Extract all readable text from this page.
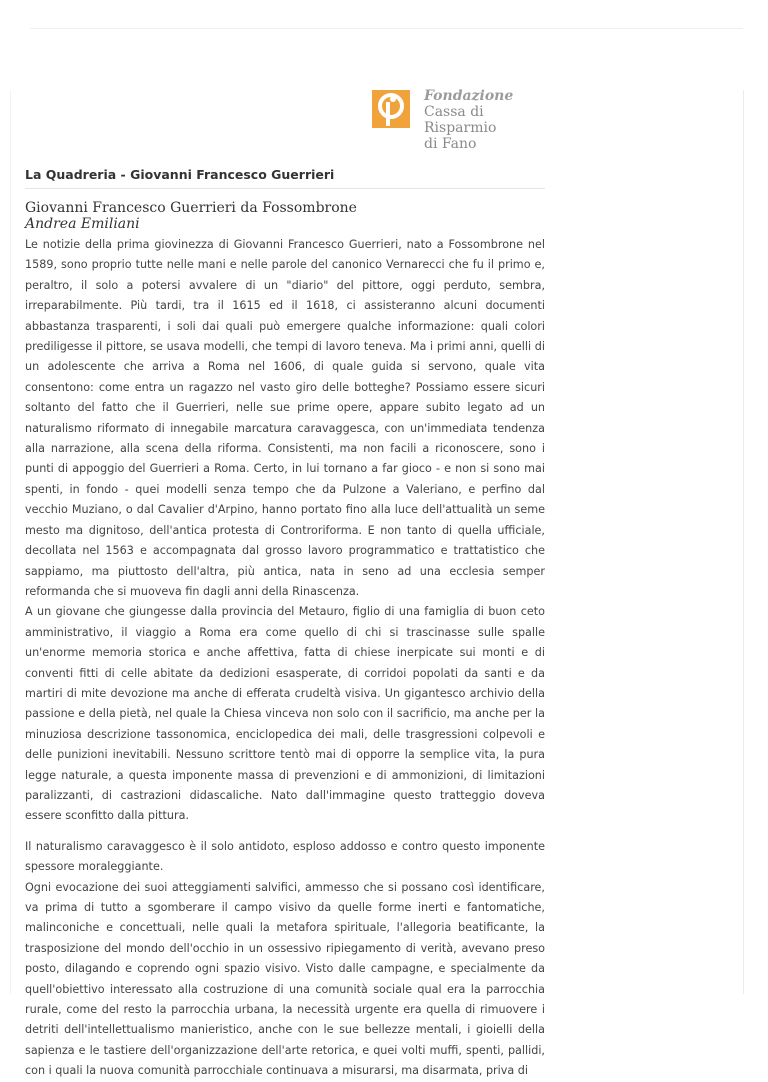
Fondazione
Cassa di Risparmio
di Fano
La Quadreria - Giovanni Francesco Guerrieri
Giovanni Francesco Guerrieri da Fossombrone
Andrea Emiliani

Le notizie della prima giovinezza di Giovanni Francesco Guerrieri, nato a Fossombrone nel 1589, sono proprio tutte nelle mani e nelle parole del canonico Vernarecci che fu il primo e, peraltro, il solo a potersi avvalere di un "diario" del pittore, oggi perduto, sembra, irreparabilmente. Più tardi, tra il 1615 ed il 1618, ci assisteranno alcuni documenti abbastanza trasparenti, i soli dai quali può emergere qualche informazione: quali colori prediligesse il pittore, se usava modelli, che tempi di lavoro teneva. Ma i primi anni, quelli di un adolescente che arriva a Roma nel 1606, di quale guida si servono, quale vita consentono: come entra un ragazzo nel vasto giro delle botteghe? Possiamo essere sicuri soltanto del fatto che il Guerrieri, nelle sue prime opere, appare subito legato ad un naturalismo riformato di innegabile marcatura caravaggesca, con un'immediata tendenza alla narrazione, alla scena della riforma. Consistenti, ma non facili a riconoscere, sono i punti di appoggio del Guerrieri a Roma. Certo, in lui tornano a far gioco - e non si sono mai spenti, in fondo - quei modelli senza tempo che da Pulzone a Valeriano, e perfino dal vecchio Muziano, o dal Cavalier d'Arpino, hanno portato fino alla luce dell'attualità un seme mesto ma dignitoso, dell'antica protesta di Controriforma. E non tanto di quella ufficiale, decollata nel 1563 e accompagnata dal grosso lavoro programmatico e trattatistico che sappiamo, ma piuttosto dell'altra, più antica, nata in seno ad una ecclesia semper reformanda che si muoveva fin dagli anni della Rinascenza.

A un giovane che giungesse dalla provincia del Metauro, figlio di una famiglia di buon ceto amministrativo, il viaggio a Roma era come quello di chi si trascinasse sulle spalle un'enorme memoria storica e anche affettiva, fatta di chiese inerpicate sui monti e di conventi fitti di celle abitate da dedizioni esasperate, di corridoi popolati da santi e da martiri di mite devozione ma anche di efferata crudeltà visiva. Un gigantesco archivio della passione e della pietà, nel quale la Chiesa vinceva non solo con il sacrificio, ma anche per la minuziosa descrizione tassonomica, enciclopedica dei mali, delle trasgressioni colpevoli e delle punizioni inevitabili. Nessuno scrittore tentò mai di opporre la semplice vita, la pura legge naturale, a questa imponente massa di prevenzioni e di ammonizioni, di limitazioni paralizzanti, di castrazioni didascaliche. Nato dall'immagine questo tratteggio doveva essere sconfitto dalla pittura.

Il naturalismo caravaggesco è il solo antidoto, esploso addosso e contro questo imponente spessore moraleggiante.

Ogni evocazione dei suoi atteggiamenti salvifici, ammesso che si possano così identificare, va prima di tutto a sgomberare il campo visivo da quelle forme inerti e fantomatiche, malinconiche e concettuali, nelle quali la metafora spirituale, l'allegoria beatificante, la trasposizione del mondo dell'occhio in un ossessivo ripiegamento di verità, avevano preso posto, dilagando e coprendo ogni spazio visivo. Visto dalle campagne, e specialmente da quell'obiettivo interessato alla costruzione di una comunità sociale qual era la parrocchia rurale, come del resto la parrocchia urbana, la necessità urgente era quella di rimuovere i detriti dell'intellettualismo manieristico, anche con le sue bellezze mentali, i gioielli della sapienza e le tastiere dell'organizzazione dell'arte retorica, e quei volti muffi, spenti, pallidi, con i quali la nuova comunità parrocchiale continuava a misurarsi, ma disarmata, priva di
